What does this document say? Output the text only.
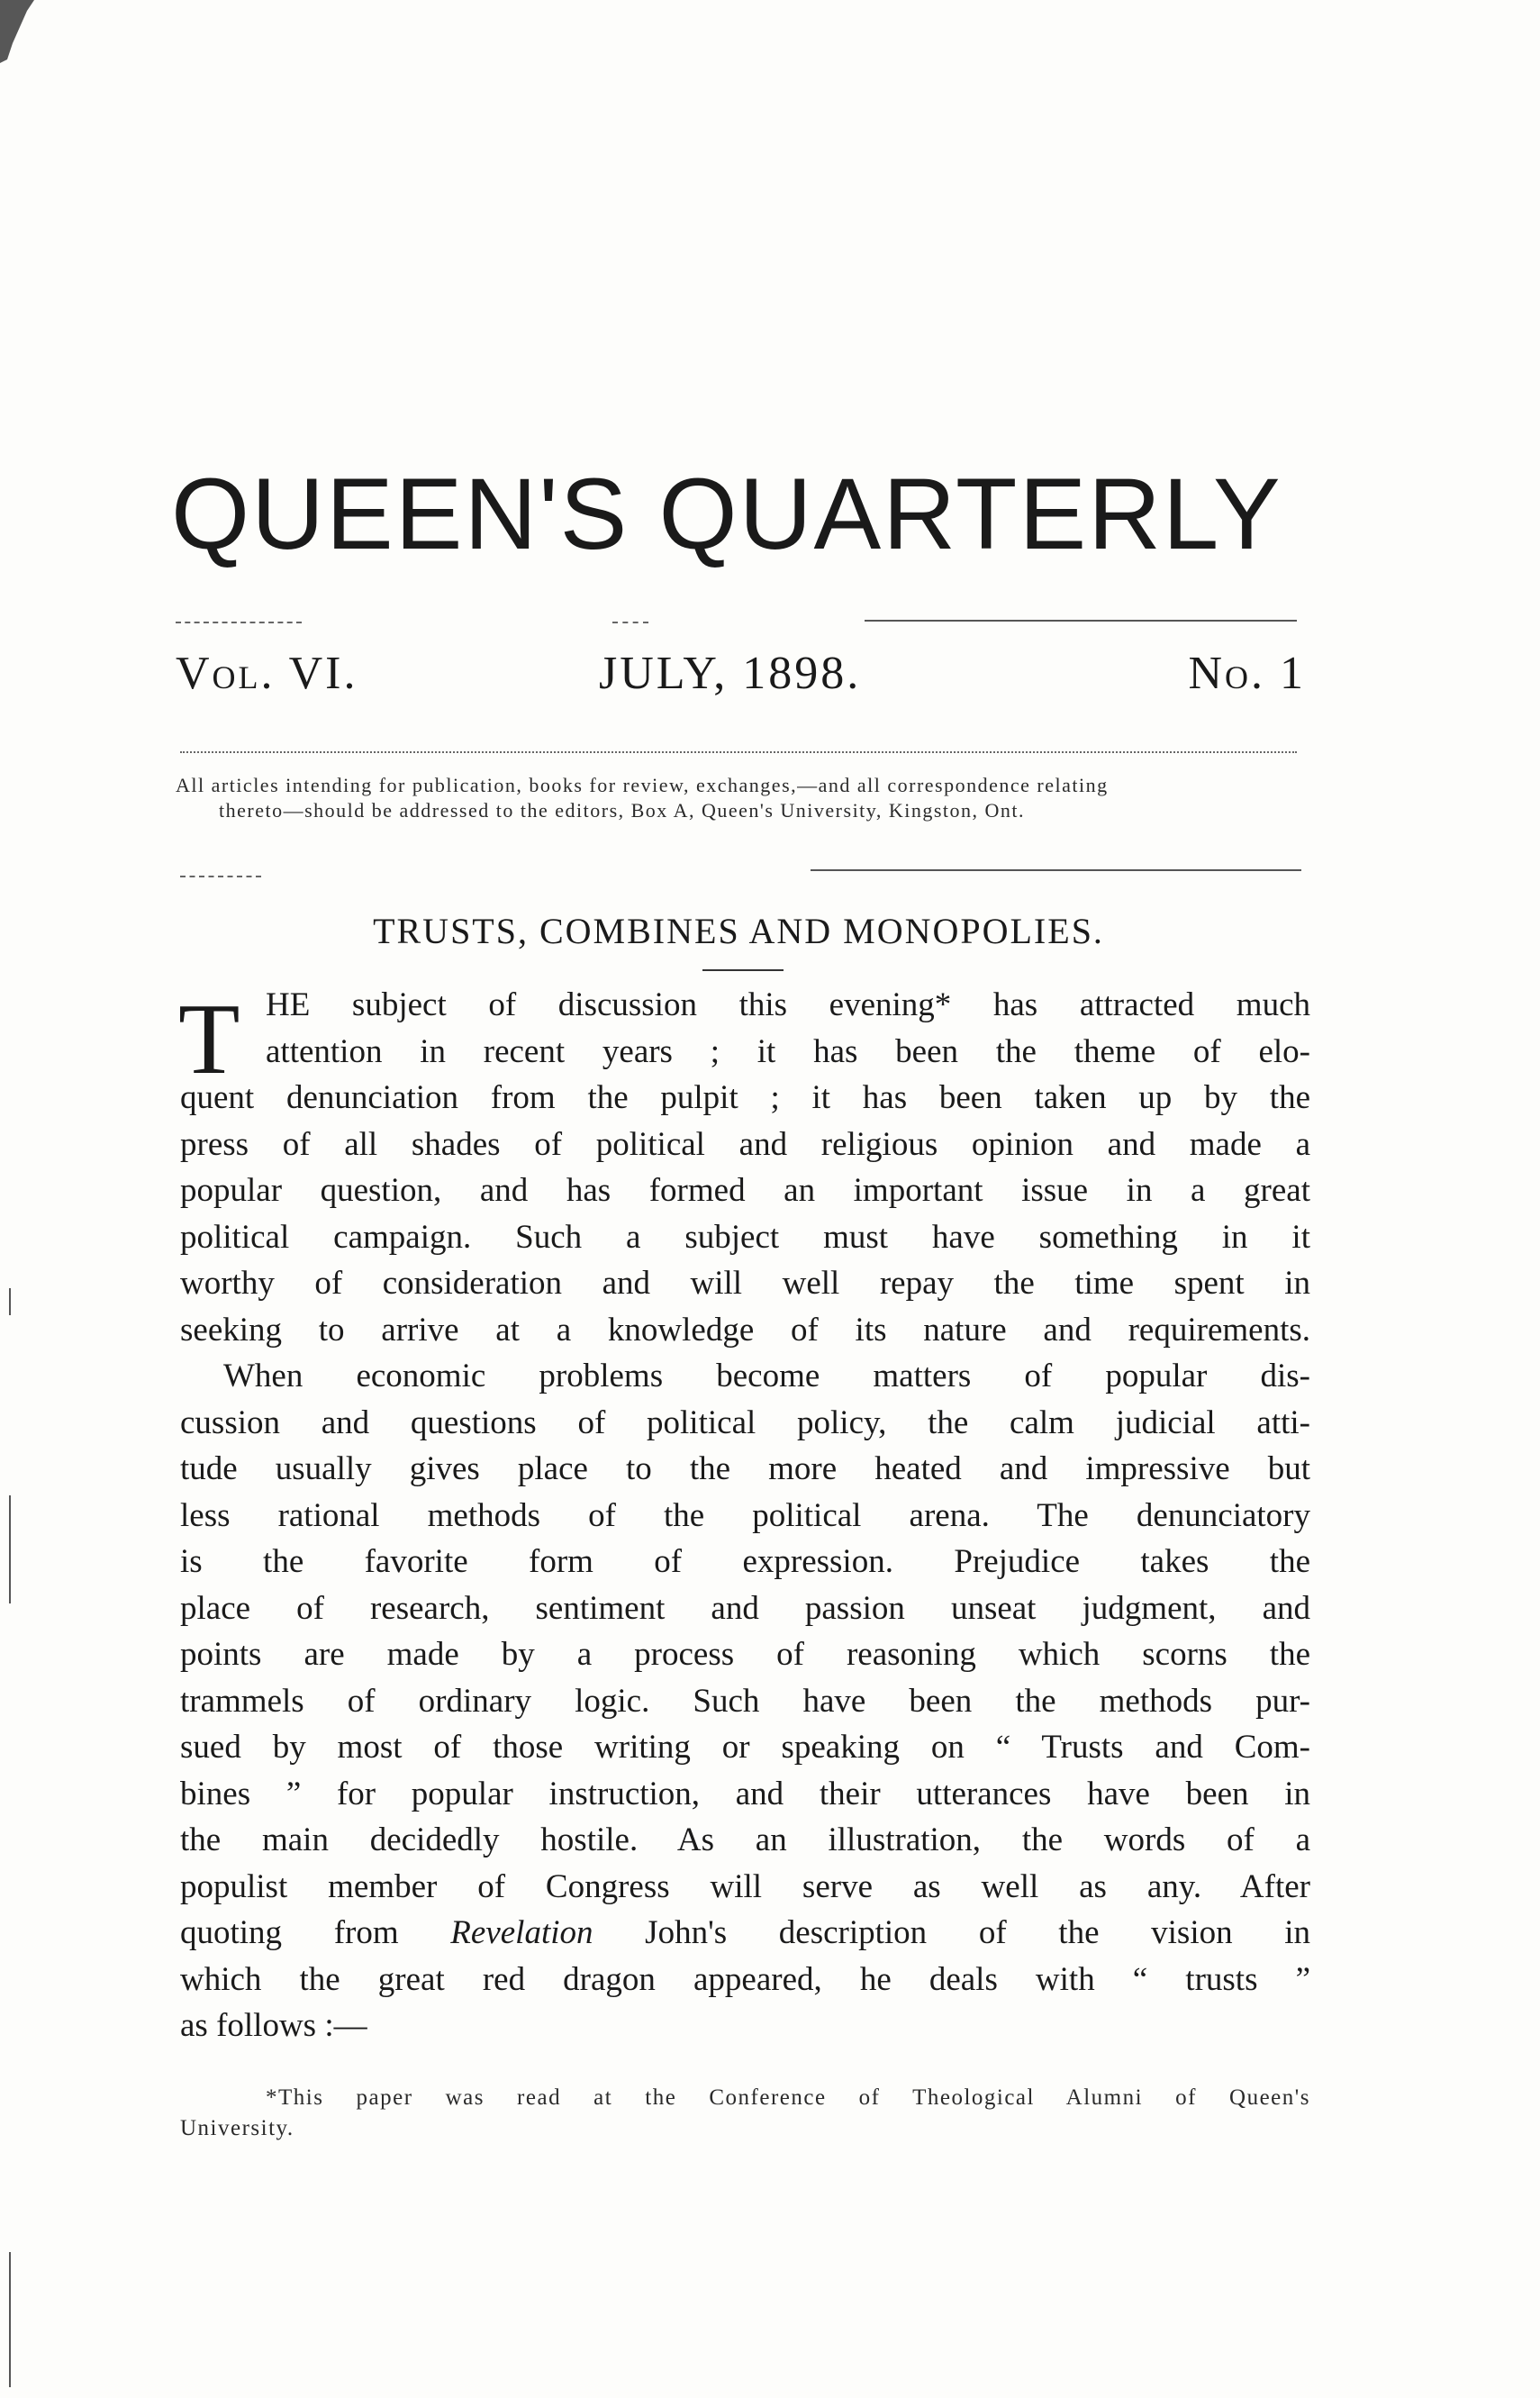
QUEEN'S QUARTERLY
Vol. VI.	JULY, 1898.	No. 1
All articles intending for publication, books for review, exchanges,—and all correspondence relating
thereto—should be addressed to the editors, Box A, Queen's University, Kingston, Ont.
TRUSTS, COMBINES AND MONOPOLIES.
T HE subject of discussion this evening* has attracted much
attention in recent years ; it has been the theme of elo-
quent denunciation from the pulpit ; it has been taken up by the
press of all shades of political and religious opinion and made a
popular question, and has formed an important issue in a great
political campaign. Such a subject must have something in it
worthy of consideration and will well repay the time spent in
seeking to arrive at a knowledge of its nature and requirements.
When economic problems become matters of popular dis-
cussion and questions of political policy, the calm judicial atti-
tude usually gives place to the more heated and impressive but
less rational methods of the political arena. The denunciatory
is the favorite form of expression. Prejudice takes the
place of research, sentiment and passion unseat judgment, and
points are made by a process of reasoning which scorns the
trammels of ordinary logic. Such have been the methods pur-
sued by most of those writing or speaking on “ Trusts and Com-
bines ” for popular instruction, and their utterances have been in
the main decidedly hostile. As an illustration, the words of a
populist member of Congress will serve as well as any. After
quoting from Revelation John's description of the vision in
which the great red dragon appeared, he deals with “ trusts ”
as follows :—
*This paper was read at the Conference of Theological Alumni of Queen's
University.
